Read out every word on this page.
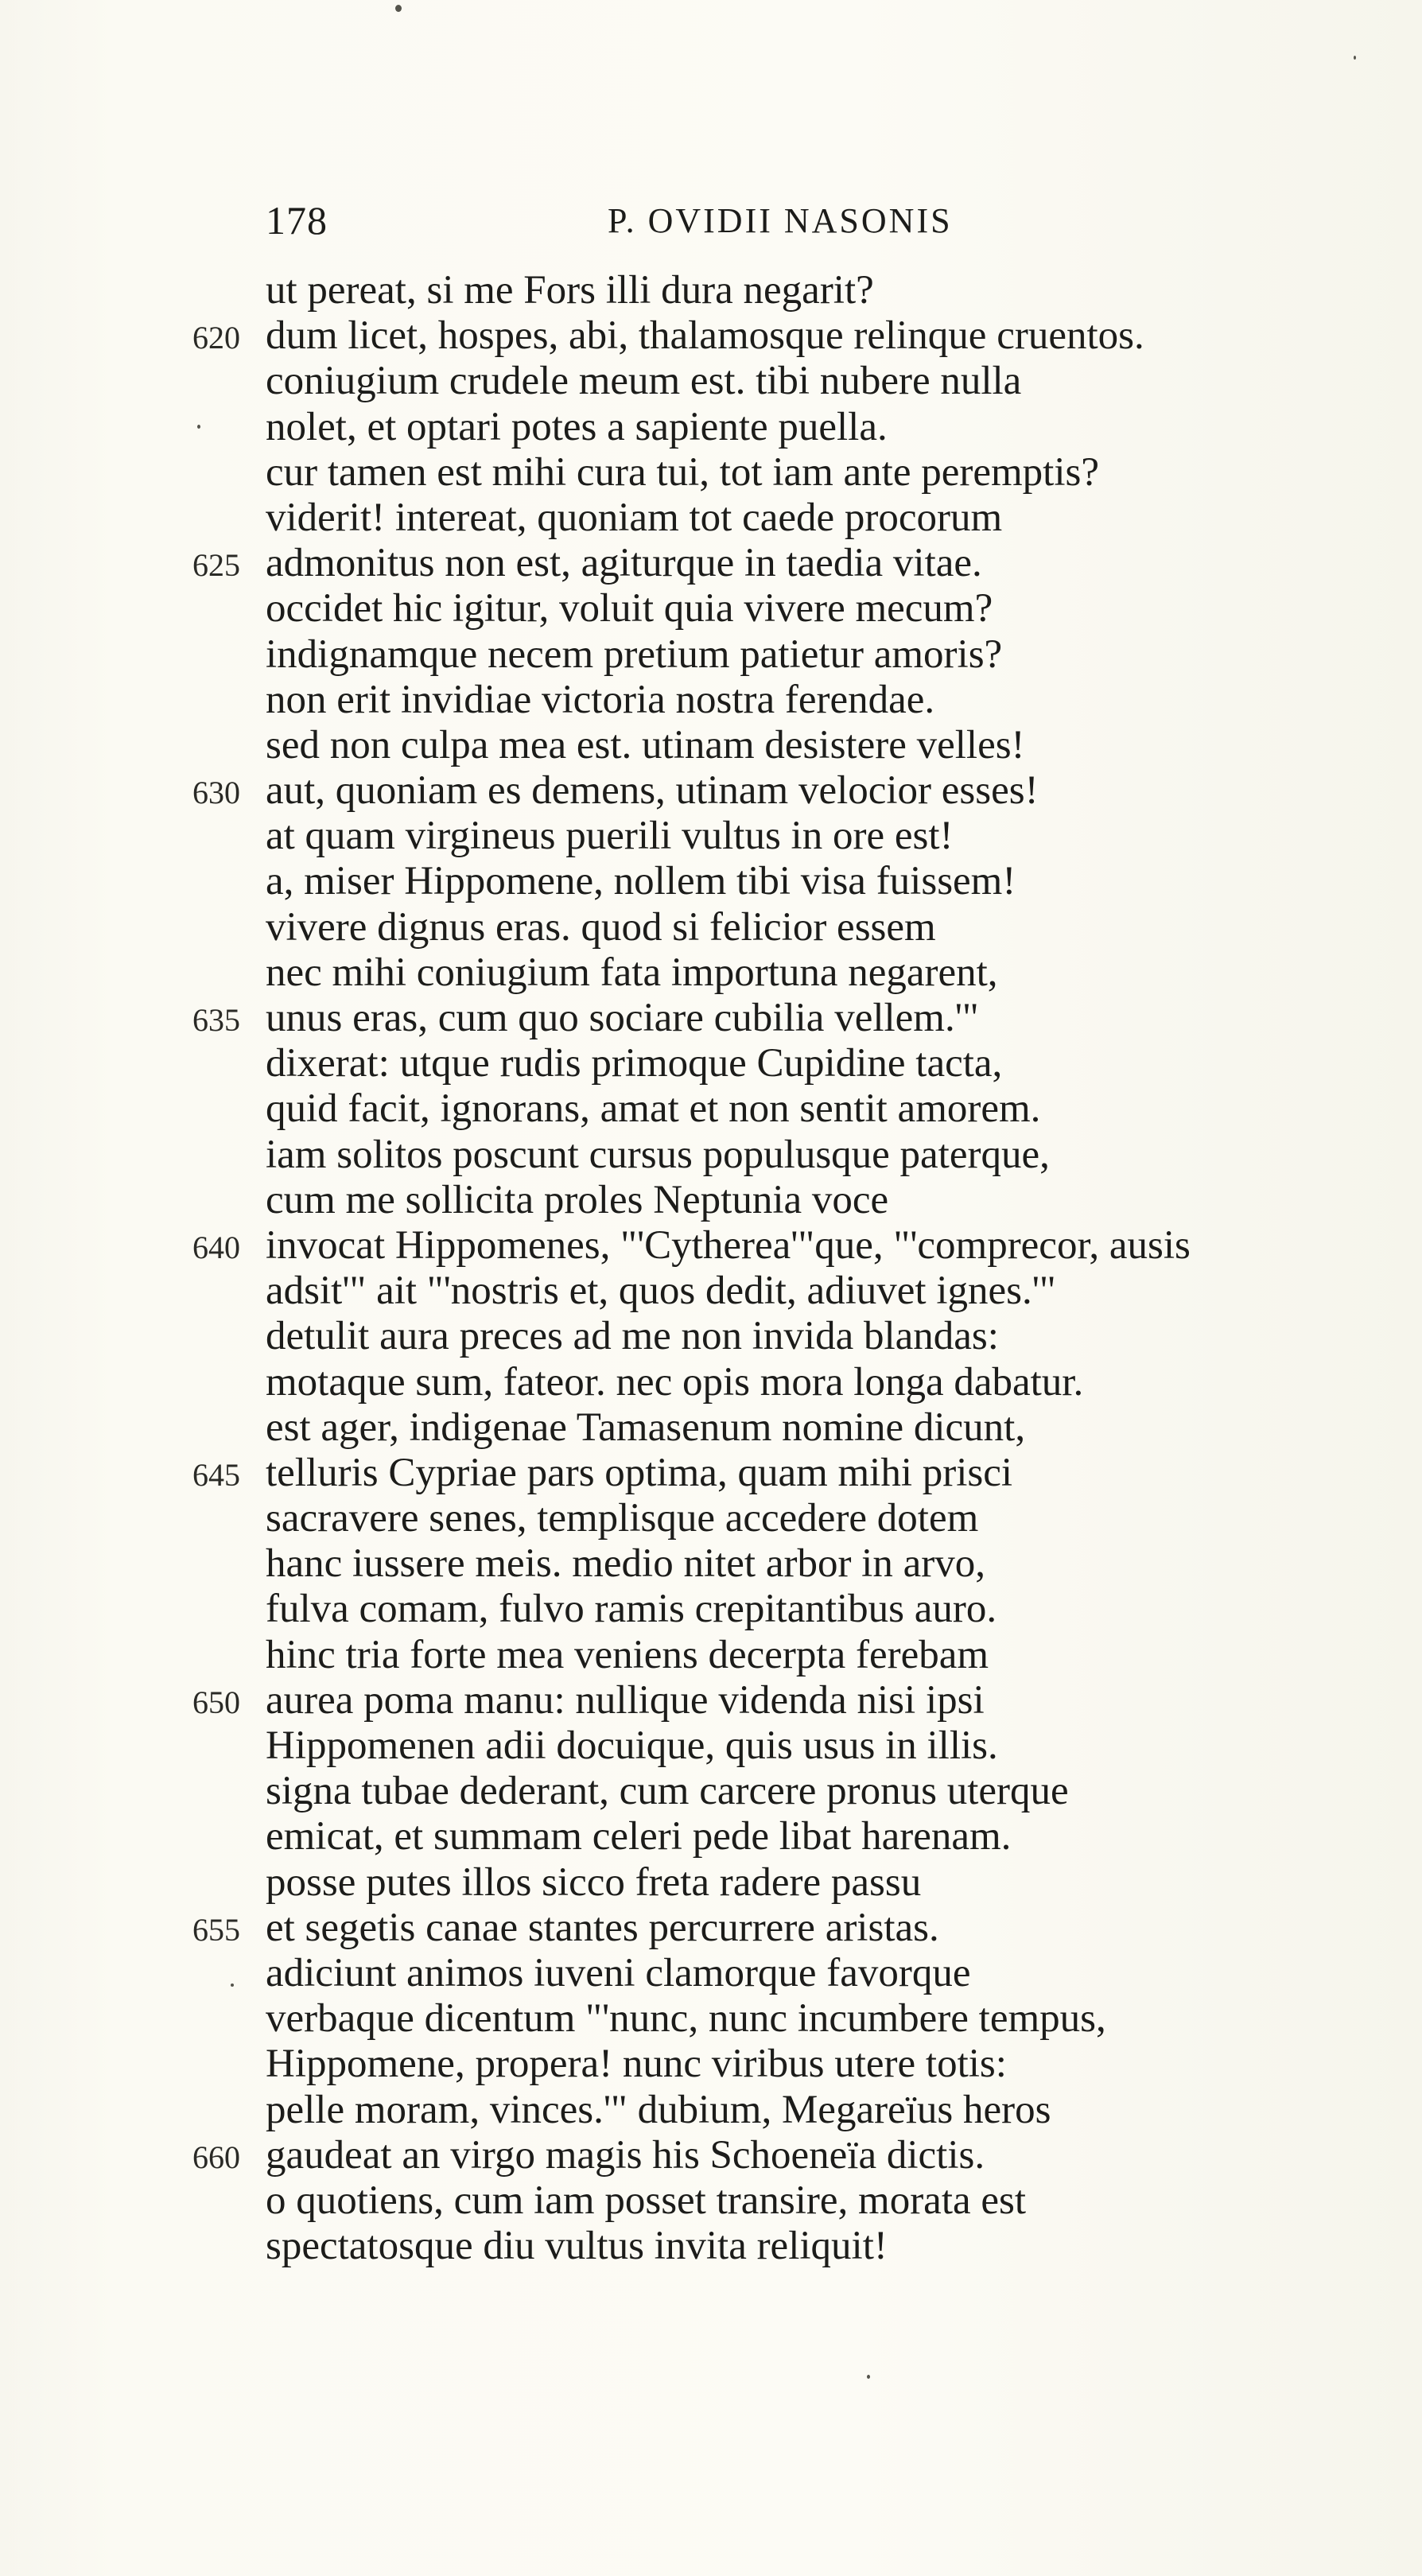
178	P. OVIDII NASONIS
ut pereat, si me Fors illi dura negarit?
620 dum licet, hospes, abi, thalamosque relinque cruentos.
coniugium crudele meum est. tibi nubere nulla
nolet, et optari potes a sapiente puella.
cur tamen est mihi cura tui, tot iam ante peremptis?
viderit! intereat, quoniam tot caede procorum
625 admonitus non est, agiturque in taedia vitae.
occidet hic igitur, voluit quia vivere mecum?
indignamque necem pretium patietur amoris?
non erit invidiae victoria nostra ferendae.
sed non culpa mea est. utinam desistere velles!
630 aut, quoniam es demens, utinam velocior esses!
at quam virgineus puerili vultus in ore est!
a, miser Hippomene, nollem tibi visa fuissem!
vivere dignus eras. quod si felicior essem
nec mihi coniugium fata importuna negarent,
635 unus eras, cum quo sociare cubilia vellem.'"
dixerat: utque rudis primoque Cupidine tacta,
quid facit, ignorans, amat et non sentit amorem.
iam solitos poscunt cursus populusque paterque,
cum me sollicita proles Neptunia voce
640 invocat Hippomenes, "'Cytherea'"que, "'comprecor, ausis
adsit'" ait "'nostris et, quos dedit, adiuvet ignes.'"
detulit aura preces ad me non invida blandas:
motaque sum, fateor. nec opis mora longa dabatur.
est ager, indigenae Tamasenum nomine dicunt,
645 telluris Cypriae pars optima, quam mihi prisci
sacravere senes, templisque accedere dotem
hanc iussere meis. medio nitet arbor in arvo,
fulva comam, fulvo ramis crepitantibus auro.
hinc tria forte mea veniens decerpta ferebam
650 aurea poma manu: nullique videnda nisi ipsi
Hippomenen adii docuique, quis usus in illis.
signa tubae dederant, cum carcere pronus uterque
emicat, et summam celeri pede libat harenam.
posse putes illos sicco freta radere passu
655 et segetis canae stantes percurrere aristas.
adiciunt animos iuveni clamorque favorque
verbaque dicentum "'nunc, nunc incumbere tempus,
Hippomene, propera! nunc viribus utere totis:
pelle moram, vinces.'" dubium, Megareïus heros
660 gaudeat an virgo magis his Schoeneïa dictis.
o quotiens, cum iam posset transire, morata est
spectatosque diu vultus invita reliquit!
